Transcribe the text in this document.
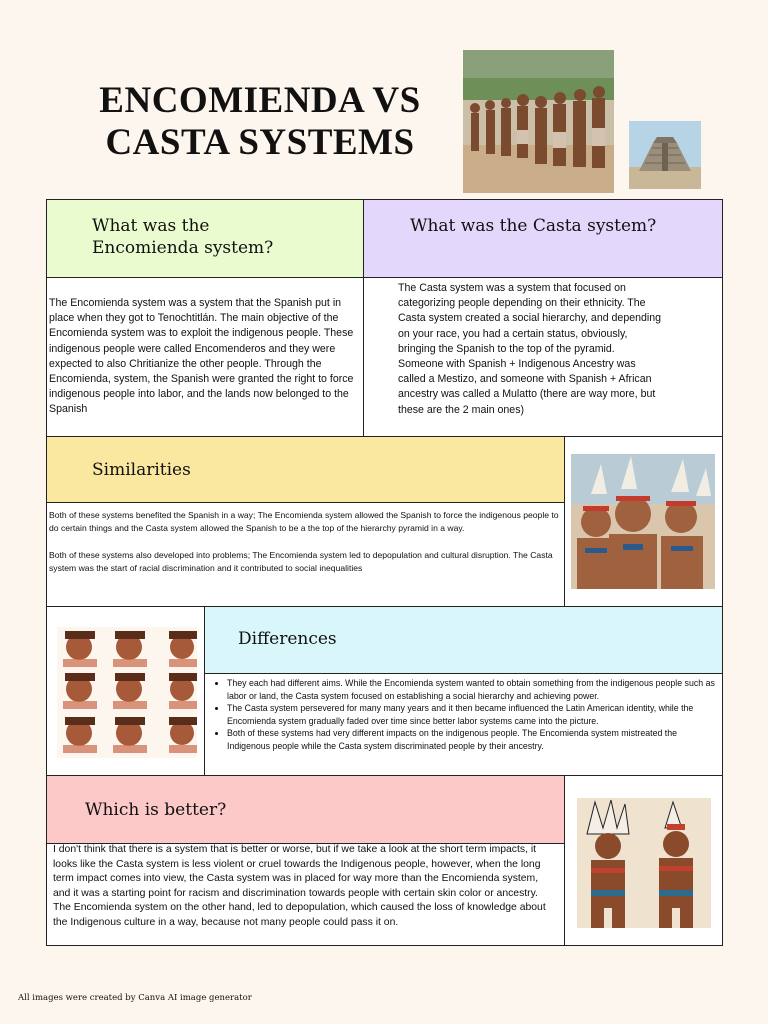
ENCOMIENDA VS
CASTA SYSTEMS
What was the
Encomienda system?
What was the Casta system?
The Encomienda system was a system that the Spanish put in place when they got to Tenochtitlán. The main objective of the Encomienda system was to exploit the indigenous people. These indigenous people were called Encomenderos and they were expected to also Chritianize the other people. Through the Encomienda, system, the Spanish were granted the right to force indigenous people into labor, and the lands now belonged to the Spanish
The Casta system was a system that focused on categorizing people depending on their ethnicity. The Casta system created a social hierarchy, and depending on your race, you had a certain status, obviously, bringing the Spanish to the top of the pyramid. Someone with Spanish + Indigenous Ancestry was called a Mestizo, and someone with Spanish + African ancestry was called a Mulatto (there are way more, but these are the 2 main ones)
Similarities
Both of these systems benefited the Spanish in a way; The Encomienda system allowed the Spanish to force the indigenous people to do certain things and the Casta system allowed the Spanish to be a the top of the hierarchy pyramid in a way.
Both of these systems also developed into problems; The Encomienda system led to depopulation and cultural disruption. The Casta system was the start of racial discrimination and it contributed to social inequalities
Differences
• They each had different aims. While the Encomienda system wanted to obtain something from the indigenous people such as labor or land, the Casta system focused on establishing a social hierarchy and achieving power.
• The Casta system persevered for many many years and it then became influenced the Latin American identity, while the Encomienda system gradually faded over time since better labor systems came into the picture.
• Both of these systems had very different impacts on the indigenous people. The Encomienda system mistreated the Indigenous people while the Casta system discriminated people by their ancestry.
Which is better?
I don't think that there is a system that is better or worse, but if we take a look at the short term impacts, it looks like the Casta system is less violent or cruel towards the Indigenous people, however, when the long term impact comes into view, the Casta system was in placed for way more than the Encomienda system, and it was a starting point for racism and discrimination towards people with certain skin color or ancestry. The Encomienda system on the other hand, led to depopulation, which caused the loss of knowledge about the Indigenous culture in a way, because not many people could pass it on.
All images were created by Canva AI image generator
